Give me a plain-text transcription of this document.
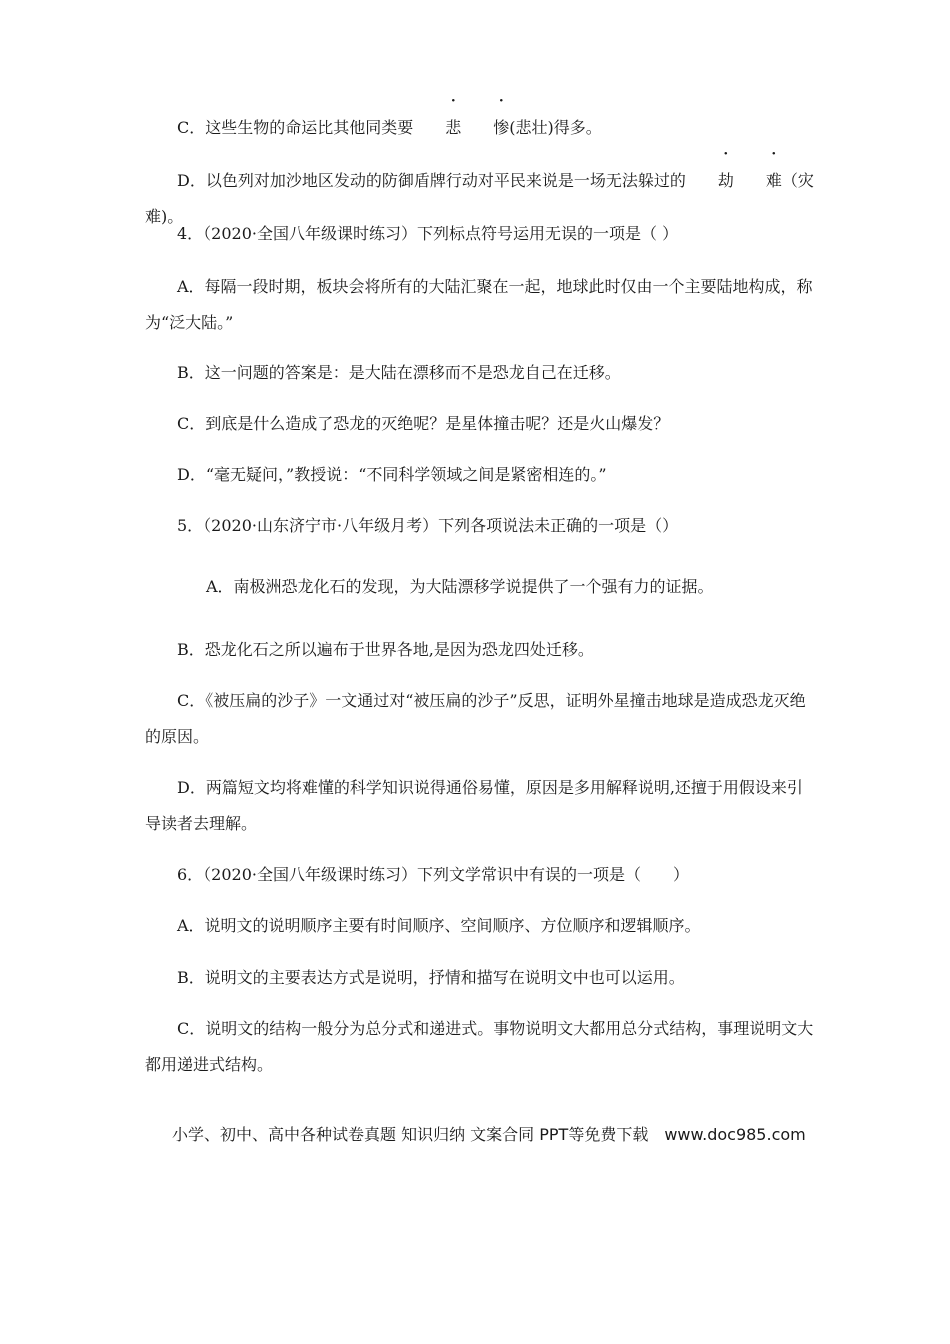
C．这些生物的命运比其他同类要 悲 惨(悲壮)得多。
D．以色列对加沙地区发动的防御盾牌行动对平民来说是一场无法躲过的 劫 难（灾难)。
4．（2020·全国八年级课时练习）下列标点符号运用无误的一项是（ ）
A．每隔一段时期，板块会将所有的大陆汇聚在一起，地球此时仅由一个主要陆地构成，称为“泛大陆。”
B．这一问题的答案是：是大陆在漂移而不是恐龙自己在迁移。
C．到底是什么造成了恐龙的灭绝呢？是星体撞击呢？还是火山爆发？
D．“毫无疑问，”教授说：“不同科学领域之间是紧密相连的。”
5．（2020·山东济宁市·八年级月考）下列各项说法未正确的一项是（）
A．南极洲恐龙化石的发现，为大陆漂移学说提供了一个强有力的证据。
B．恐龙化石之所以遍布于世界各地,是因为恐龙四处迁移。
C．《被压扁的沙子》一文通过对“被压扁的沙子”反思，证明外星撞击地球是造成恐龙灭绝的原因。
D．两篇短文均将难懂的科学知识说得通俗易懂，原因是多用解释说明,还擅于用假设来引导读者去理解。
6．（2020·全国八年级课时练习）下列文学常识中有误的一项是（　　）
A．说明文的说明顺序主要有时间顺序、空间顺序、方位顺序和逻辑顺序。
B．说明文的主要表达方式是说明，抒情和描写在说明文中也可以运用。
C．说明文的结构一般分为总分式和递进式。事物说明文大都用总分式结构，事理说明文大都用递进式结构。
小学、初中、高中各种试卷真题 知识归纳 文案合同 PPT等免费下载　www.doc985.com
